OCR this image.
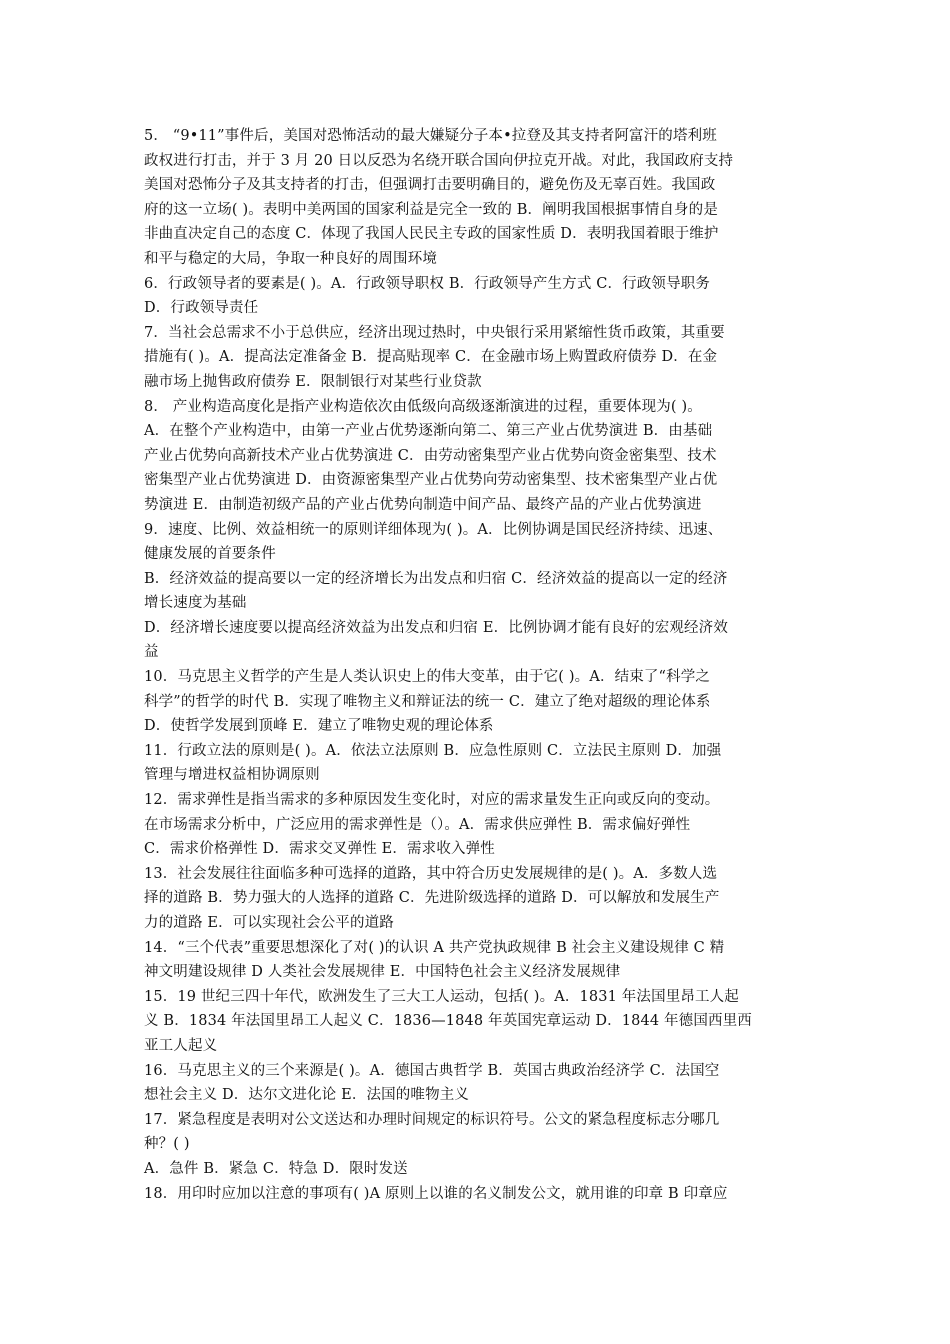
5． “9•11”事件后，美国对恐怖活动的最大嫌疑分子本•拉登及其支持者阿富汗的塔利班
政权进行打击，并于 3 月 20 日以反恐为名绕开联合国向伊拉克开战。对此，我国政府支持
美国对恐怖分子及其支持者的打击，但强调打击要明确目的，避免伤及无辜百姓。我国政
府的这一立场( )。表明中美两国的国家利益是完全一致的 B．阐明我国根据事情自身的是
非曲直决定自己的态度 C．体现了我国人民民主专政的国家性质 D．表明我国着眼于维护
和平与稳定的大局，争取一种良好的周围环境
6．行政领导者的要素是( )。A．行政领导职权 B．行政领导产生方式 C．行政领导职务
D．行政领导责任
7．当社会总需求不小于总供应，经济出现过热时，中央银行采用紧缩性货币政策，其重要
措施有( )。A．提高法定准备金 B．提高贴现率 C．在金融市场上购置政府债券 D．在金
融市场上抛售政府债券 E．限制银行对某些行业贷款
8． 产业构造高度化是指产业构造依次由低级向高级逐渐演进的过程，重要体现为( )。
A．在整个产业构造中，由第一产业占优势逐渐向第二、第三产业占优势演进 B．由基础
产业占优势向高新技术产业占优势演进 C．由劳动密集型产业占优势向资金密集型、技术
密集型产业占优势演进 D．由资源密集型产业占优势向劳动密集型、技术密集型产业占优
势演进 E．由制造初级产品的产业占优势向制造中间产品、最终产品的产业占优势演进
9．速度、比例、效益相统一的原则详细体现为( )。A．比例协调是国民经济持续、迅速、
健康发展的首要条件
B．经济效益的提高要以一定的经济增长为出发点和归宿 C．经济效益的提高以一定的经济
增长速度为基础
D．经济增长速度要以提高经济效益为出发点和归宿 E．比例协调才能有良好的宏观经济效
益
10．马克思主义哲学的产生是人类认识史上的伟大变革，由于它( )。A．结束了“科学之
科学”的哲学的时代 B．实现了唯物主义和辩证法的统一 C．建立了绝对超级的理论体系
D．使哲学发展到顶峰 E．建立了唯物史观的理论体系
11．行政立法的原则是( )。A．依法立法原则 B．应急性原则 C．立法民主原则 D．加强
管理与增进权益相协调原则
12．需求弹性是指当需求的多种原因发生变化时，对应的需求量发生正向或反向的变动。
在市场需求分析中，广泛应用的需求弹性是（）。A．需求供应弹性 B．需求偏好弹性
C．需求价格弹性 D．需求交叉弹性 E．需求收入弹性
13．社会发展往往面临多种可选择的道路，其中符合历史发展规律的是( )。A．多数人选
择的道路 B．势力强大的人选择的道路 C．先进阶级选择的道路 D．可以解放和发展生产
力的道路 E．可以实现社会公平的道路
14．“三个代表”重要思想深化了对( )的认识 A 共产党执政规律 B 社会主义建设规律 C 精
神文明建设规律 D 人类社会发展规律 E．中国特色社会主义经济发展规律
15．19 世纪三四十年代，欧洲发生了三大工人运动，包括( )。A．1831 年法国里昂工人起
义 B．1834 年法国里昂工人起义 C．1836—1848 年英国宪章运动 D．1844 年德国西里西
亚工人起义
16．马克思主义的三个来源是( )。A．德国古典哲学 B．英国古典政治经济学 C．法国空
想社会主义 D．达尔文进化论 E．法国的唯物主义
17．紧急程度是表明对公文送达和办理时间规定的标识符号。公文的紧急程度标志分哪几
种？( )
A．急件 B．紧急 C．特急 D．限时发送
18．用印时应加以注意的事项有( )A 原则上以谁的名义制发公文，就用谁的印章 B 印章应
